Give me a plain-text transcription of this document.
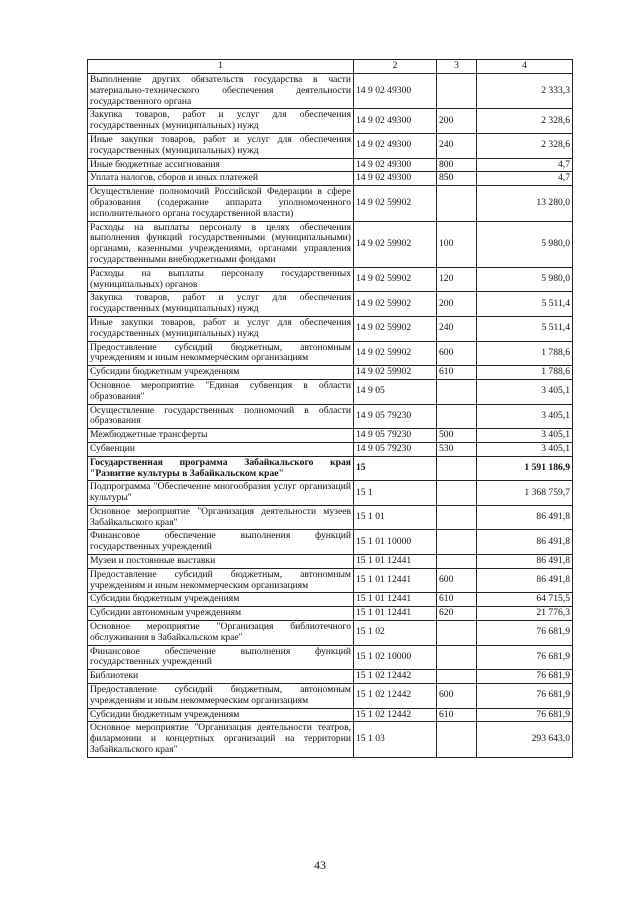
1	2	3	4
Выполнение других обязательств государства в части материально-технического обеспечения деятельности государственного органа	14 9 02 49300		2 333,3
Закупка товаров, работ и услуг для обеспечения государственных (муниципальных) нужд	14 9 02 49300	200	2 328,6
Иные закупки товаров, работ и услуг для обеспечения государственных (муниципальных) нужд	14 9 02 49300	240	2 328,6
Иные бюджетные ассигнования	14 9 02 49300	800	4,7
Уплата налогов, сборов и иных платежей	14 9 02 49300	850	4,7
Осуществление полномочий Российской Федерации в сфере образования (содержание аппарата уполномоченного исполнительного органа государственной власти)	14 9 02 59902		13 280,0
Расходы на выплаты персоналу в целях обеспечения выполнения функций государственными (муниципальными) органами, казенными учреждениями, органами управления государственными внебюджетными фондами	14 9 02 59902	100	5 980,0
Расходы на выплаты персоналу государственных (муниципальных) органов	14 9 02 59902	120	5 980,0
Закупка товаров, работ и услуг для обеспечения государственных (муниципальных) нужд	14 9 02 59902	200	5 511,4
Иные закупки товаров, работ и услуг для обеспечения государственных (муниципальных) нужд	14 9 02 59902	240	5 511,4
Предоставление субсидий бюджетным, автономным учреждениям и иным некоммерческим организациям	14 9 02 59902	600	1 788,6
Субсидии бюджетным учреждениям	14 9 02 59902	610	1 788,6
Основное мероприятие "Единая субвенция в области образования"	14 9 05		3 405,1
Осуществление государственных полномочий в области образования	14 9 05 79230		3 405,1
Межбюджетные трансферты	14 9 05 79230	500	3 405,1
Субвенции	14 9 05 79230	530	3 405,1
Государственная программа Забайкальского края "Развитие культуры в Забайкальском крае"	15		1 591 186,9
Подпрограмма "Обеспечение многообразия услуг организаций культуры"	15 1		1 368 759,7
Основное мероприятие "Организация деятельности музеев Забайкальского края"	15 1 01		86 491,8
Финансовое обеспечение выполнения функций государственных учреждений	15 1 01 10000		86 491,8
Музеи и постоянные выставки	15 1 01 12441		86 491,8
Предоставление субсидий бюджетным, автономным учреждениям и иным некоммерческим организациям	15 1 01 12441	600	86 491,8
Субсидии бюджетным учреждениям	15 1 01 12441	610	64 715,5
Субсидии автономным учреждениям	15 1 01 12441	620	21 776,3
Основное мероприятие "Организация библиотечного обслуживания в Забайкальском крае"	15 1 02		76 681,9
Финансовое обеспечение выполнения функций государственных учреждений	15 1 02 10000		76 681,9
Библиотеки	15 1 02 12442		76 681,9
Предоставление субсидий бюджетным, автономным учреждениям и иным некоммерческим организациям	15 1 02 12442	600	76 681,9
Субсидии бюджетным учреждениям	15 1 02 12442	610	76 681,9
Основное мероприятие "Организация деятельности театров, филармонии и концертных организаций на территории Забайкальского края"	15 1 03		293 643,0
43
